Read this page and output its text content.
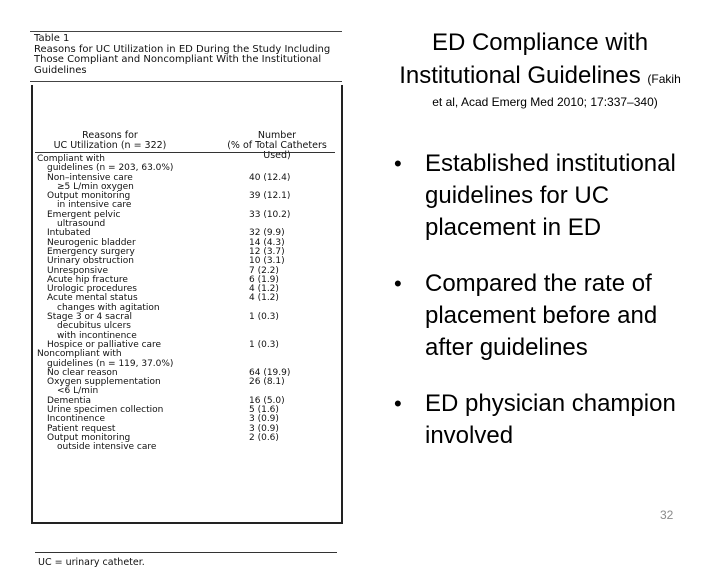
Table 1
Reasons for UC Utilization in ED During the Study Including
Those Compliant and Noncompliant With the Institutional
Guidelines
Reasons for
UC Utilization (n = 322)
Number
(% of Total Catheters Used)
Compliant with
guidelines (n = 203, 63.0%)
Non–intensive care	40 (12.4)
≥5 L/min oxygen
Output monitoring	39 (12.1)
in intensive care
Emergent pelvic	33 (10.2)
ultrasound
Intubated	32 (9.9)
Neurogenic bladder	14 (4.3)
Emergency surgery	12 (3.7)
Urinary obstruction	10 (3.1)
Unresponsive	7 (2.2)
Acute hip fracture	6 (1.9)
Urologic procedures	4 (1.2)
Acute mental status	4 (1.2)
changes with agitation
Stage 3 or 4 sacral	1 (0.3)
decubitus ulcers
with incontinence
Hospice or palliative care	1 (0.3)
Noncompliant with
guidelines (n = 119, 37.0%)
No clear reason	64 (19.9)
Oxygen supplementation	26 (8.1)
<6 L/min
Dementia	16 (5.0)
Urine specimen collection	5 (1.6)
Incontinence	3 (0.9)
Patient request	3 (0.9)
Output monitoring	2 (0.6)
outside intensive care
UC = urinary catheter.
ED Compliance with
Institutional Guidelines (Fakih
et al, Acad Emerg Med 2010; 17:337–340)
• Established institutional guidelines for UC placement in ED
• Compared the rate of placement before and after guidelines
• ED physician champion involved
32
